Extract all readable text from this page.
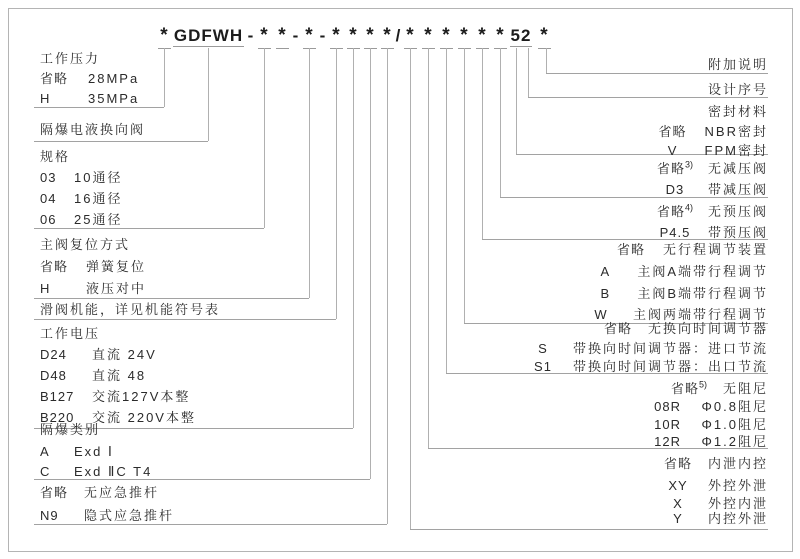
* GDFWH - * * - * - * * * * / * * * * * * 52 *
工作压力
省略	28MPa
H	35MPa
隔爆电液换向阀
规格
03	10通径
04	16通径
06	25通径
主阀复位方式
省略	弹簧复位
H	液压对中
滑阀机能，详见机能符号表
工作电压
D24	直流 24V
D48	直流 48
B127	交流127V本整
B220	交流 220V本整
隔爆类别
A	Exd Ⅰ
C	Exd ⅡC T4
省略	无应急推杆
N9	隐式应急推杆
附加说明
设计序号
密封材料
省略	NBR密封
V	FPM密封
省略$^{3)}$	无减压阀
D3	带减压阀
省略$^{4)}$	无预压阀
P4.5	带预压阀
省略	无行程调节装置
A	主阀A端带行程调节
B	主阀B端带行程调节
W	主阀两端带行程调节
省略	无换向时间调节器
S	带换向时间调节器：进口节流
S1	带换向时间调节器：出口节流
省略$^{5)}$	无阻尼
08R	Φ0.8阻尼
10R	Φ1.0阻尼
12R	Φ1.2阻尼
省略	内泄内控
XY	外控外泄
X	外控内泄
Y	内控外泄
